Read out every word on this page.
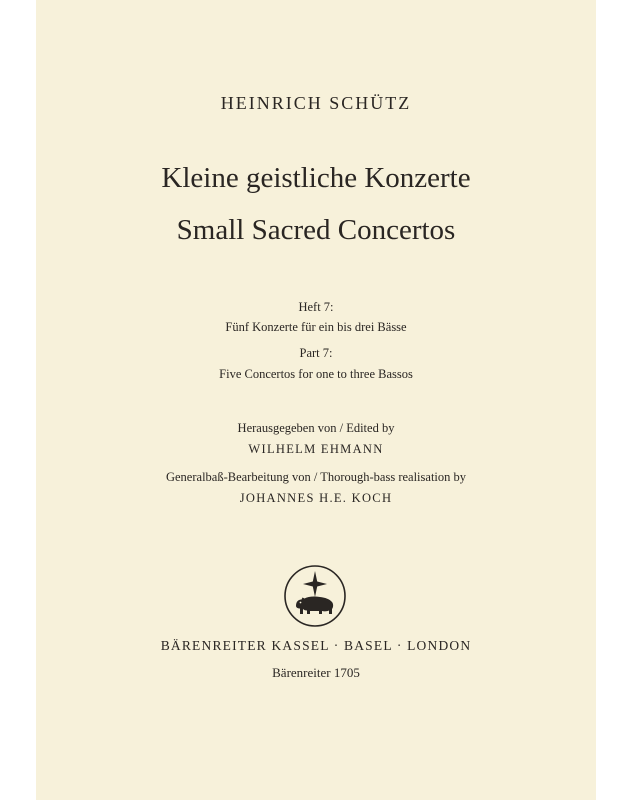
HEINRICH SCHÜTZ
Kleine geistliche Konzerte
Small Sacred Concertos
Heft 7:
Fünf Konzerte für ein bis drei Bässe
Part 7:
Five Concertos for one to three Bassos
Herausgegeben von / Edited by
WILHELM EHMANN
Generalbaß-Bearbeitung von / Thorough-bass realisation by
JOHANNES H.E. KOCH
BÄRENREITER KASSEL · BASEL · LONDON
Bärenreiter 1705
